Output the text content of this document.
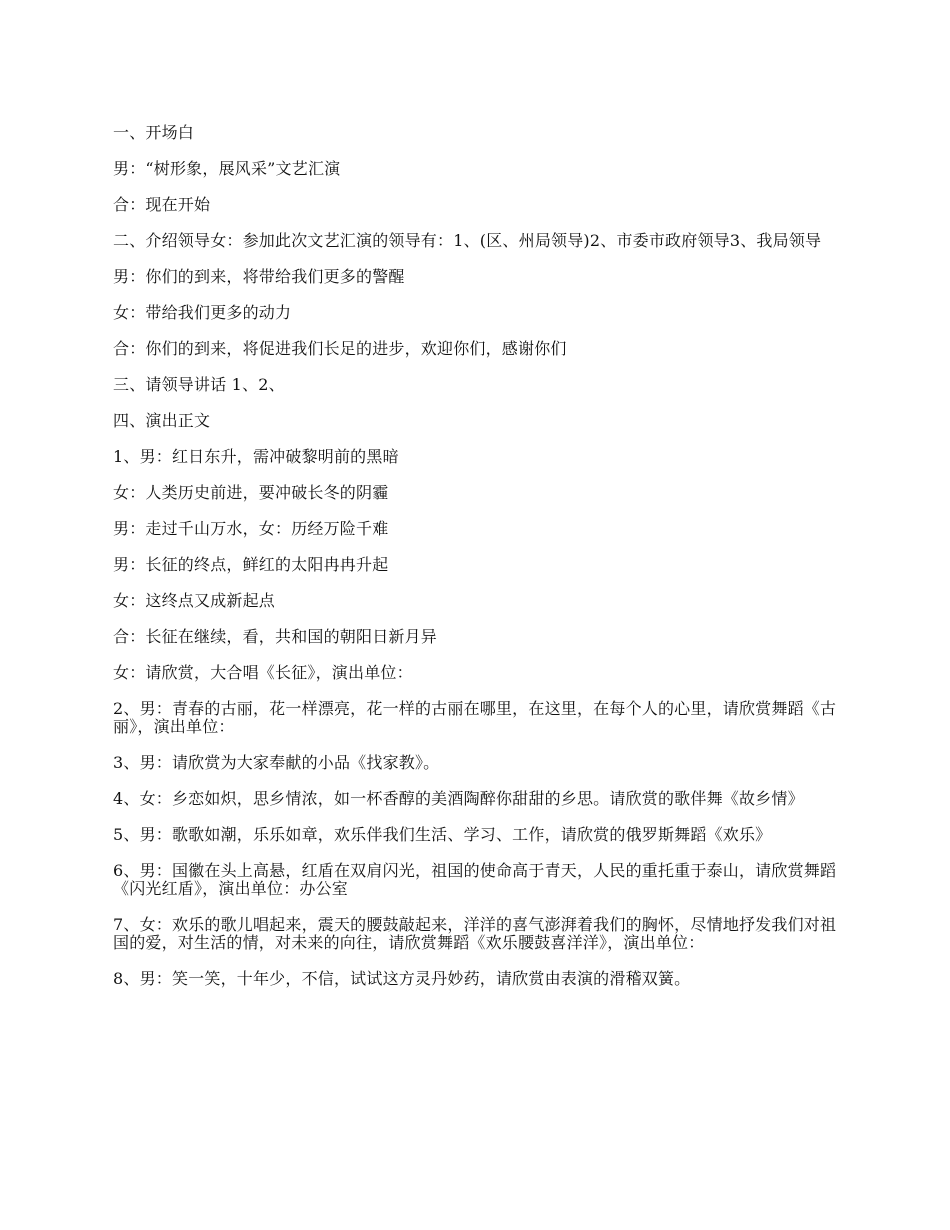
一、开场白

男：“树形象，展风采”文艺汇演

合：现在开始

二、介绍领导女：参加此次文艺汇演的领导有：1、(区、州局领导)2、市委市政府领导3、我局领导

男：你们的到来，将带给我们更多的警醒

女：带给我们更多的动力

合：你们的到来，将促进我们长足的进步，欢迎你们，感谢你们

三、请领导讲话 1、2、

四、演出正文

1、男：红日东升，需冲破黎明前的黑暗

女：人类历史前进，要冲破长冬的阴霾

男：走过千山万水，女：历经万险千难

男：长征的终点，鲜红的太阳冉冉升起

女：这终点又成新起点

合：长征在继续，看，共和国的朝阳日新月异

女：请欣赏，大合唱《长征》，演出单位：

2、男：青春的古丽，花一样漂亮，花一样的古丽在哪里，在这里，在每个人的心里，请欣赏舞蹈《古丽》，演出单位：

3、男：请欣赏为大家奉献的小品《找家教》。

4、女：乡恋如炽，思乡情浓，如一杯香醇的美酒陶醉你甜甜的乡思。请欣赏的歌伴舞《故乡情》

5、男：歌歌如潮，乐乐如章，欢乐伴我们生活、学习、工作，请欣赏的俄罗斯舞蹈《欢乐》

6、男：国徽在头上高悬，红盾在双肩闪光，祖国的使命高于青天，人民的重托重于泰山，请欣赏舞蹈《闪光红盾》，演出单位：办公室

7、女：欢乐的歌儿唱起来，震天的腰鼓敲起来，洋洋的喜气澎湃着我们的胸怀，尽情地抒发我们对祖国的爱，对生活的情，对未来的向往，请欣赏舞蹈《欢乐腰鼓喜洋洋》，演出单位：

8、男：笑一笑，十年少，不信，试试这方灵丹妙药，请欣赏由表演的滑稽双簧。
